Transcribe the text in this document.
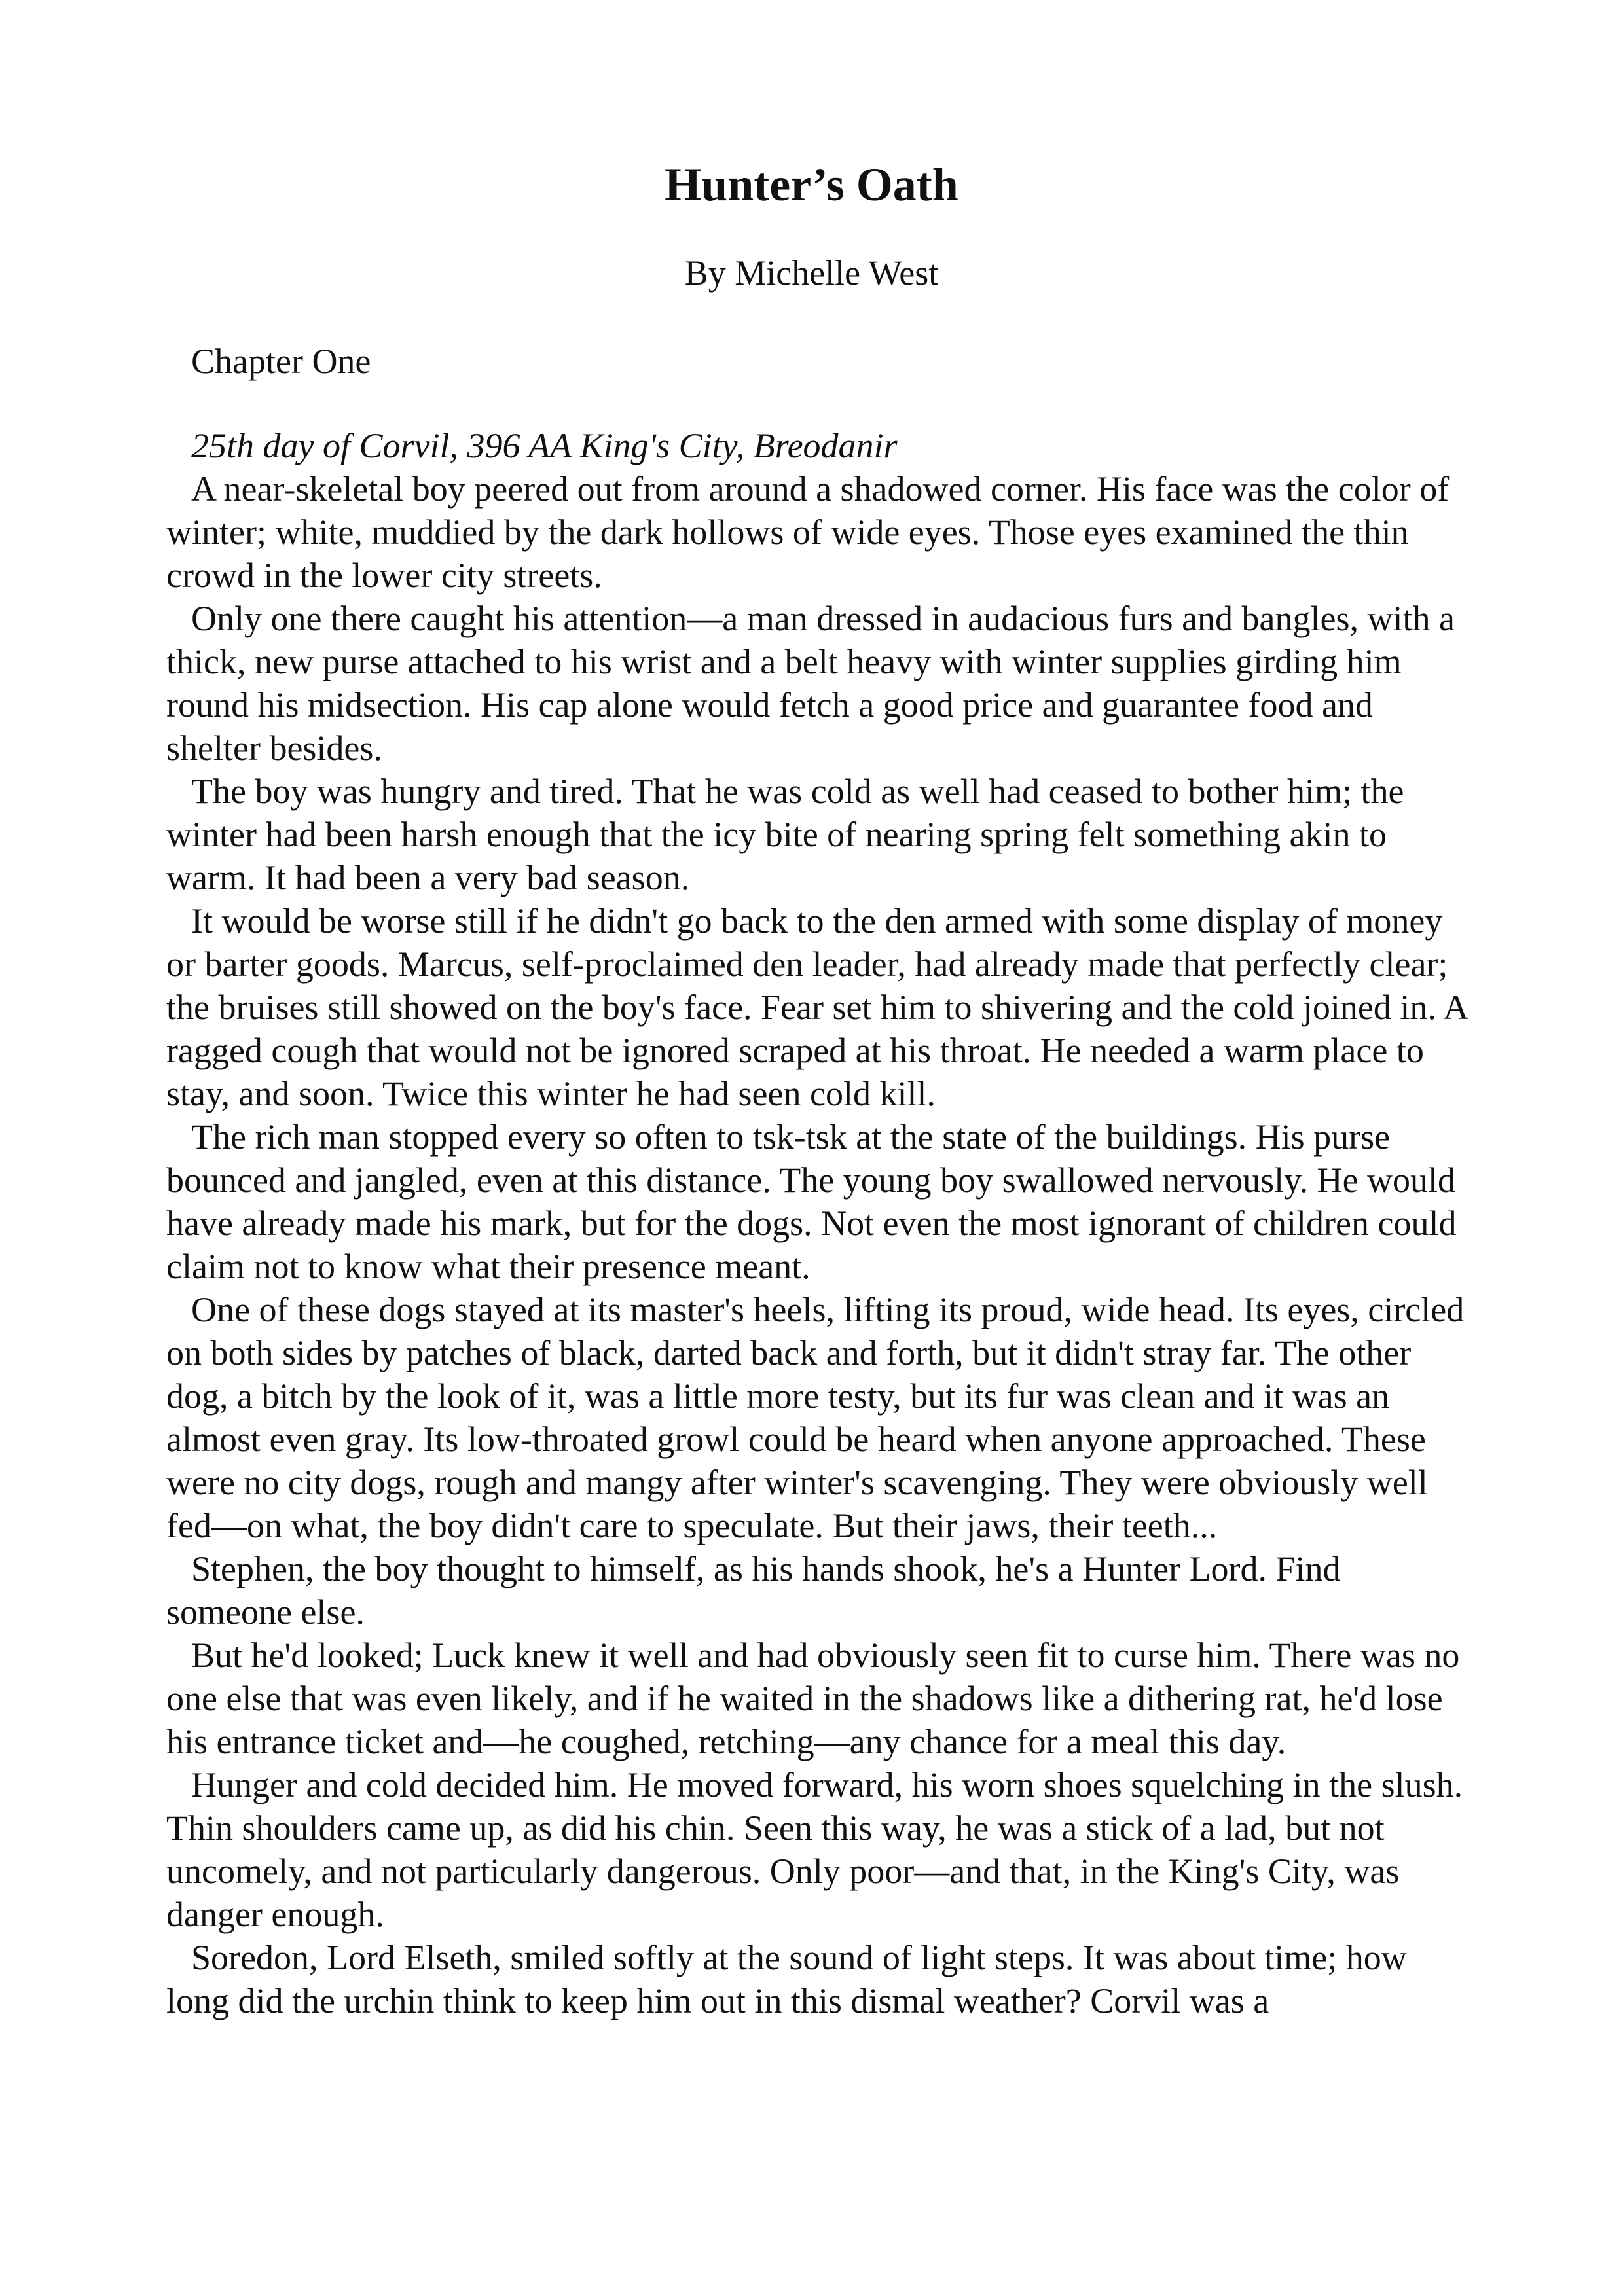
Hunter’s Oath
By Michelle West
Chapter One

25th day of Corvil, 396 AA King's City, Breodanir

A near-skeletal boy peered out from around a shadowed corner. His face was the color of winter; white, muddied by the dark hollows of wide eyes. Those eyes examined the thin crowd in the lower city streets.

Only one there caught his attention—a man dressed in audacious furs and bangles, with a thick, new purse attached to his wrist and a belt heavy with winter supplies girding him round his midsection. His cap alone would fetch a good price and guarantee food and shelter besides.

The boy was hungry and tired. That he was cold as well had ceased to bother him; the winter had been harsh enough that the icy bite of nearing spring felt something akin to warm. It had been a very bad season.

It would be worse still if he didn't go back to the den armed with some display of money or barter goods. Marcus, self-proclaimed den leader, had already made that perfectly clear; the bruises still showed on the boy's face. Fear set him to shivering and the cold joined in. A ragged cough that would not be ignored scraped at his throat. He needed a warm place to stay, and soon. Twice this winter he had seen cold kill.

The rich man stopped every so often to tsk-tsk at the state of the buildings. His purse bounced and jangled, even at this distance. The young boy swallowed nervously. He would have already made his mark, but for the dogs. Not even the most ignorant of children could claim not to know what their presence meant.

One of these dogs stayed at its master's heels, lifting its proud, wide head. Its eyes, circled on both sides by patches of black, darted back and forth, but it didn't stray far. The other dog, a bitch by the look of it, was a little more testy, but its fur was clean and it was an almost even gray. Its low-throated growl could be heard when anyone approached. These were no city dogs, rough and mangy after winter's scavenging. They were obviously well fed—on what, the boy didn't care to speculate. But their jaws, their teeth...

Stephen, the boy thought to himself, as his hands shook, he's a Hunter Lord. Find someone else.

But he'd looked; Luck knew it well and had obviously seen fit to curse him. There was no one else that was even likely, and if he waited in the shadows like a dithering rat, he'd lose his entrance ticket and—he coughed, retching—any chance for a meal this day.

Hunger and cold decided him. He moved forward, his worn shoes squelching in the slush. Thin shoulders came up, as did his chin. Seen this way, he was a stick of a lad, but not uncomely, and not particularly dangerous. Only poor—and that, in the King's City, was danger enough.

Soredon, Lord Elseth, smiled softly at the sound of light steps. It was about time; how long did the urchin think to keep him out in this dismal weather? Corvil was a
